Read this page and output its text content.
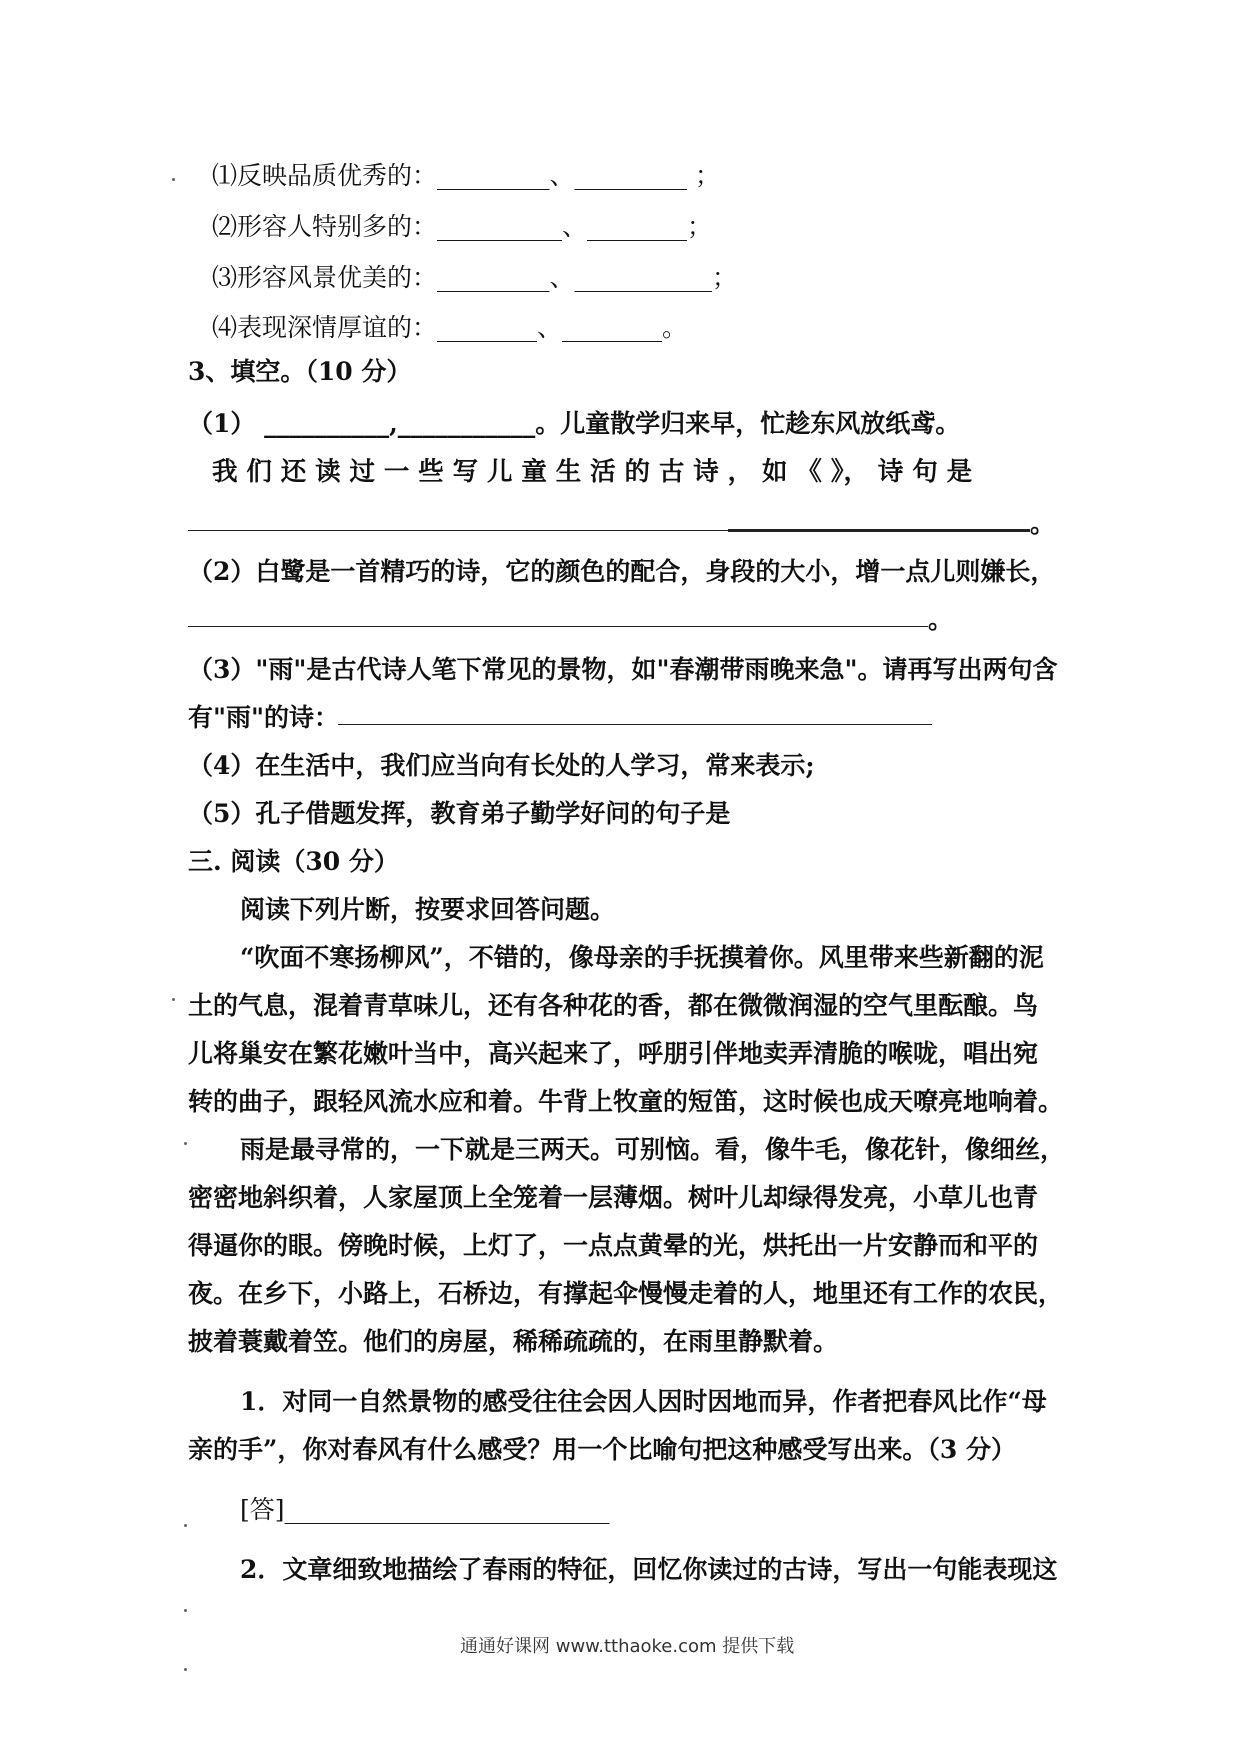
⑴反映品质优秀的：_________、_________ ；
⑵形容人特别多的：__________、________；
⑶形容风景优美的：_________、___________；
⑷表现深情厚谊的：________、________。
3、填空。（10 分）
（1） __________,___________。儿童散学归来早，忙趁东风放纸鸢。
我 们 还 读 过 一 些 写 儿 童 生 活 的 古 诗 ， 如 《 》， 诗 句 是
。
（2）白鹭是一首精巧的诗，它的颜色的配合，身段的大小，增一点儿则嫌长，
。
（3）"雨"是古代诗人笔下常见的景物，如"春潮带雨晚来急"。请再写出两句含
有"雨"的诗：
（4）在生活中，我们应当向有长处的人学习，常来表示;
（5）孔子借题发挥，教育弟子勤学好问的句子是
三. 阅读（30 分）
阅读下列片断，按要求回答问题。
“吹面不寒扬柳风”，不错的，像母亲的手抚摸着你。风里带来些新翻的泥
土的气息，混着青草味儿，还有各种花的香，都在微微润湿的空气里酝酿。鸟
儿将巢安在繁花嫩叶当中，高兴起来了，呼朋引伴地卖弄清脆的喉咙，唱出宛
转的曲子，跟轻风流水应和着。牛背上牧童的短笛，这时候也成天嘹亮地响着。
雨是最寻常的，一下就是三两天。可别恼。看，像牛毛，像花针，像细丝，
密密地斜织着，人家屋顶上全笼着一层薄烟。树叶儿却绿得发亮，小草儿也青
得逼你的眼。傍晚时候，上灯了，一点点黄晕的光，烘托出一片安静而和平的
夜。在乡下，小路上，石桥边，有撑起伞慢慢走着的人，地里还有工作的农民，
披着蓑戴着笠。他们的房屋，稀稀疏疏的，在雨里静默着。
1．对同一自然景物的感受往往会因人因时因地而异，作者把春风比作“母
亲的手”，你对春风有什么感受？用一个比喻句把这种感受写出来。（3 分）
[答]__________________________
2．文章细致地描绘了春雨的特征，回忆你读过的古诗，写出一句能表现这
通通好课网 www.tthaoke.com 提供下载
